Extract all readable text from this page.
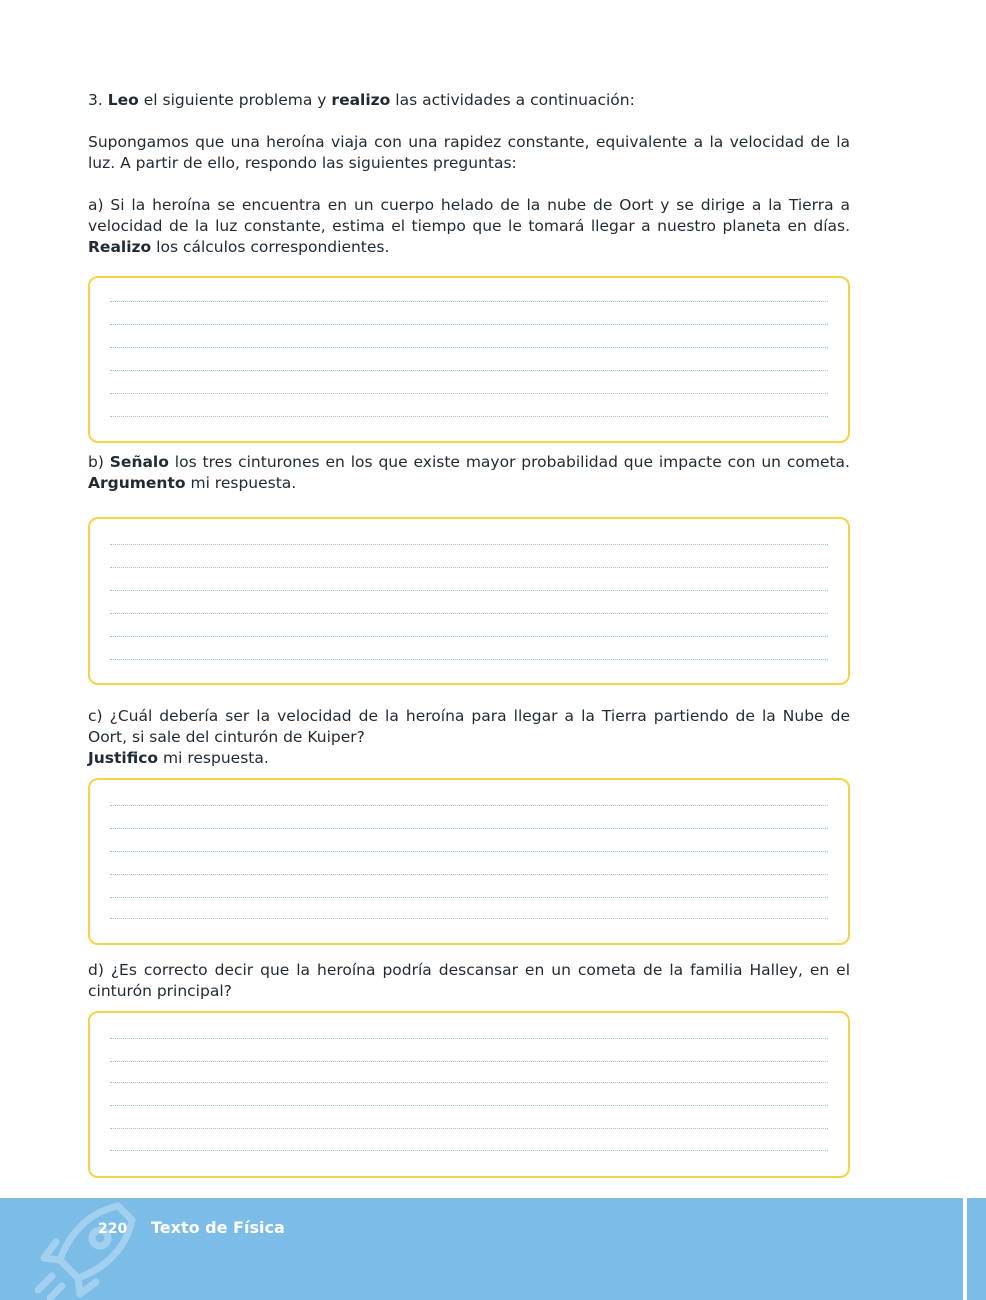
3. Leo el siguiente problema y realizo las actividades a continuación:
Supongamos que una heroína viaja con una rapidez constante, equivalente a la velocidad de la luz. A partir de ello, respondo las siguientes preguntas:
a) Si la heroína se encuentra en un cuerpo helado de la nube de Oort y se dirige a la Tierra a velocidad de la luz constante, estima el tiempo que le tomará llegar a nuestro planeta en días. Realizo los cálculos correspondientes.
b) Señalo los tres cinturones en los que existe mayor probabilidad que impacte con un cometa. Argumento mi respuesta.
c) ¿Cuál debería ser la velocidad de la heroína para llegar a la Tierra partiendo de la Nube de Oort, si sale del cinturón de Kuiper?
Justifico mi respuesta.
d) ¿Es correcto decir que la heroína podría descansar en un cometa de la familia Halley, en el cinturón principal?
220 Texto de Física
